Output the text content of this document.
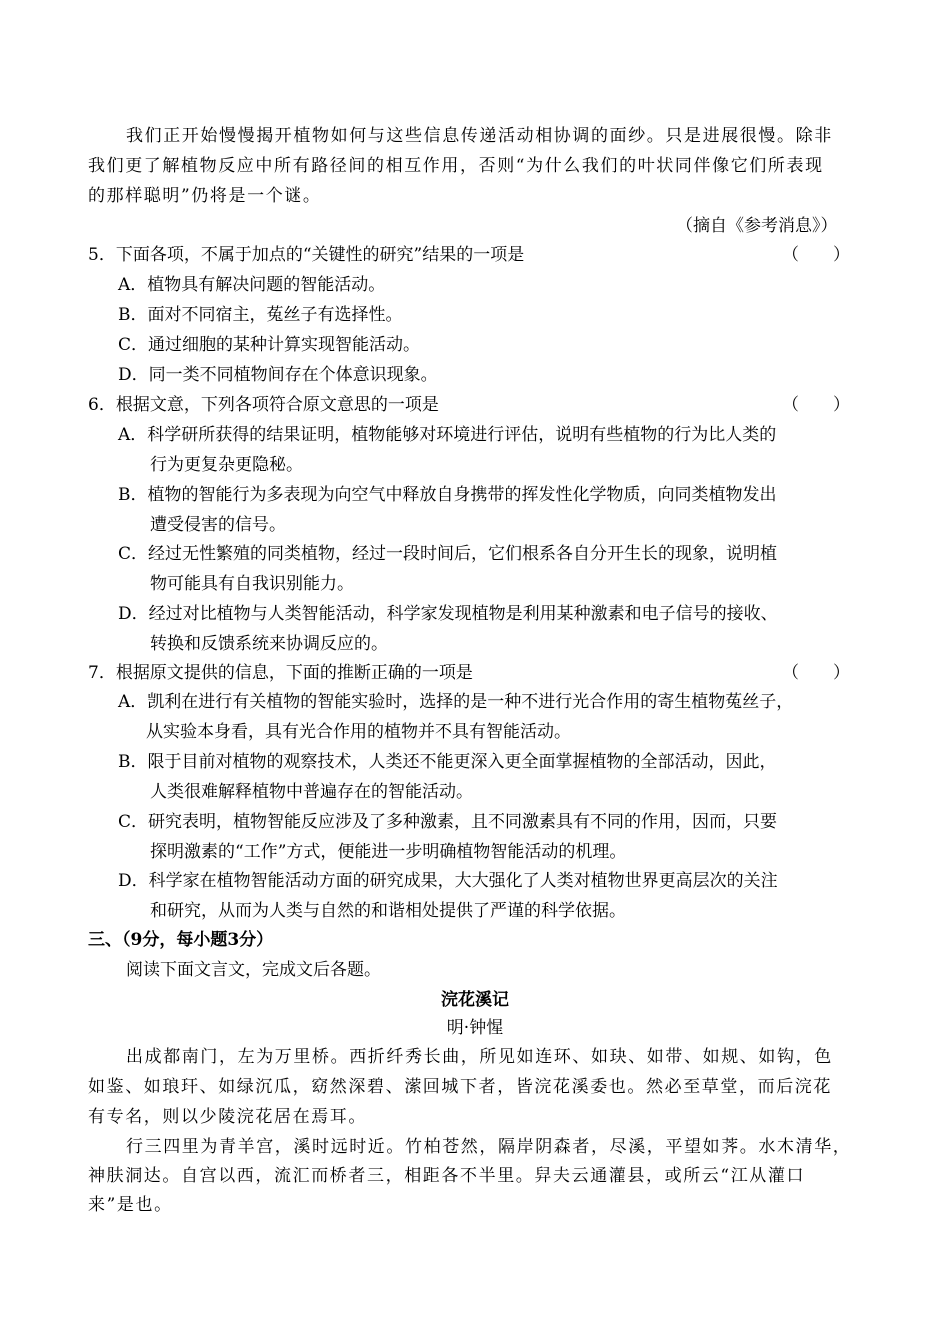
我们正开始慢慢揭开植物如何与这些信息传递活动相协调的面纱。只是进展很慢。除非
我们更了解植物反应中所有路径间的相互作用，否则“为什么我们的叶状同伴像它们所表现
的那样聪明”仍将是一个谜。
（摘自《参考消息》）
5．下面各项，不属于加点的“关键性的研究”结果的一项是	（　　）
A．植物具有解决问题的智能活动。
B．面对不同宿主，菟丝子有选择性。
C．通过细胞的某种计算实现智能活动。
D．同一类不同植物间存在个体意识现象。
6．根据文意，下列各项符合原文意思的一项是	（　　）
A．科学研所获得的结果证明，植物能够对环境进行评估，说明有些植物的行为比人类的
行为更复杂更隐秘。
B．植物的智能行为多表现为向空气中释放自身携带的挥发性化学物质，向同类植物发出
遭受侵害的信号。
C．经过无性繁殖的同类植物，经过一段时间后，它们根系各自分开生长的现象，说明植
物可能具有自我识别能力。
D．经过对比植物与人类智能活动，科学家发现植物是利用某种激素和电子信号的接收、
转换和反馈系统来协调反应的。
7．根据原文提供的信息，下面的推断正确的一项是	（　　）
A．凯利在进行有关植物的智能实验时，选择的是一种不进行光合作用的寄生植物菟丝子，
从实验本身看，具有光合作用的植物并不具有智能活动。
B．限于目前对植物的观察技术，人类还不能更深入更全面掌握植物的全部活动，因此，
人类很难解释植物中普遍存在的智能活动。
C．研究表明，植物智能反应涉及了多种激素，且不同激素具有不同的作用，因而，只要
探明激素的“工作”方式，便能进一步明确植物智能活动的机理。
D．科学家在植物智能活动方面的研究成果，大大强化了人类对植物世界更高层次的关注
和研究，从而为人类与自然的和谐相处提供了严谨的科学依据。
三、（9分，每小题3分）
阅读下面文言文，完成文后各题。
浣花溪记
明·钟惺
出成都南门，左为万里桥。西折纤秀长曲，所见如连环、如玦、如带、如规、如钩，色
如鉴、如琅玕、如绿沉瓜，窈然深碧、潆回城下者，皆浣花溪委也。然必至草堂，而后浣花
有专名，则以少陵浣花居在焉耳。
行三四里为青羊宫，溪时远时近。竹柏苍然，隔岸阴森者，尽溪，平望如荠。水木清华，
神肤洞达。自宫以西，流汇而桥者三，相距各不半里。舁夫云通灌县，或所云“江从灌口
来”是也。
